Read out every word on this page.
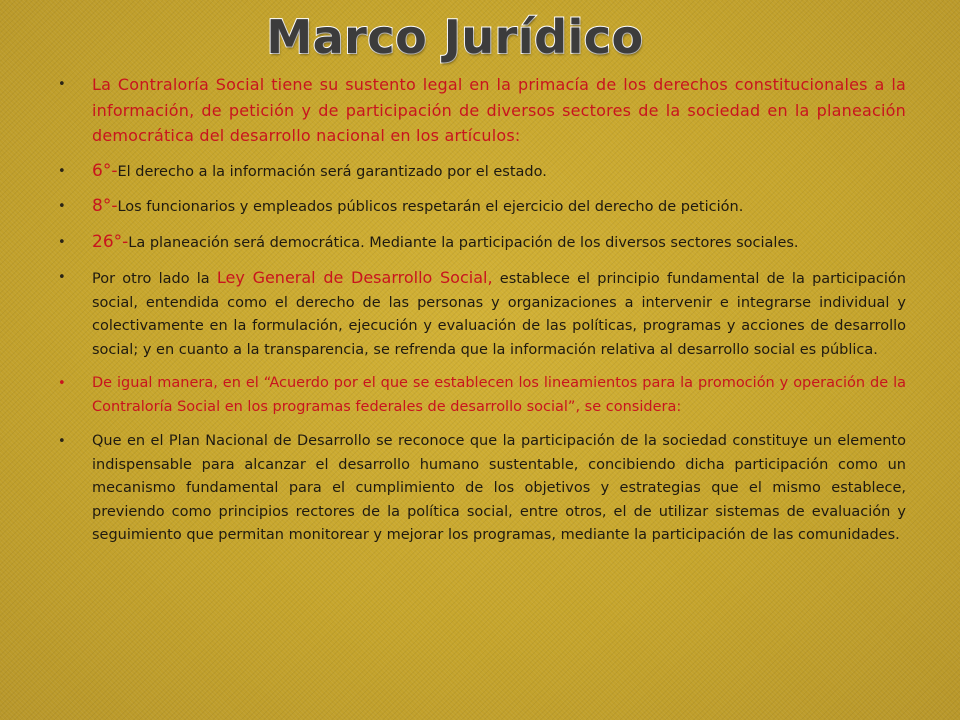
Marco Jurídico
• La Contraloría Social tiene su sustento legal en la primacía de los derechos constitucionales a la información, de petición y de participación de diversos sectores de la sociedad en la planeación democrática del desarrollo nacional en los artículos:
• 6°-El derecho a la información será garantizado por el estado.
• 8°-Los funcionarios y empleados públicos respetarán el ejercicio del derecho de petición.
• 26°-La planeación será democrática. Mediante la participación de los diversos sectores sociales.
• Por otro lado la Ley General de Desarrollo Social, establece el principio fundamental de la participación social, entendida como el derecho de las personas y organizaciones a intervenir e integrarse individual y colectivamente en la formulación, ejecución y evaluación de las políticas, programas y acciones de desarrollo social; y en cuanto a la transparencia, se refrenda que la información relativa al desarrollo social es pública.
• De igual manera, en el “Acuerdo por el que se establecen los lineamientos para la promoción y operación de la Contraloría Social en los programas federales de desarrollo social”, se considera:
• Que en el Plan Nacional de Desarrollo se reconoce que la participación de la sociedad constituye un elemento indispensable para alcanzar el desarrollo humano sustentable, concibiendo dicha participación como un mecanismo fundamental para el cumplimiento de los objetivos y estrategias que el mismo establece, previendo como principios rectores de la política social, entre otros, el de utilizar sistemas de evaluación y seguimiento que permitan monitorear y mejorar los programas, mediante la participación de las comunidades.
